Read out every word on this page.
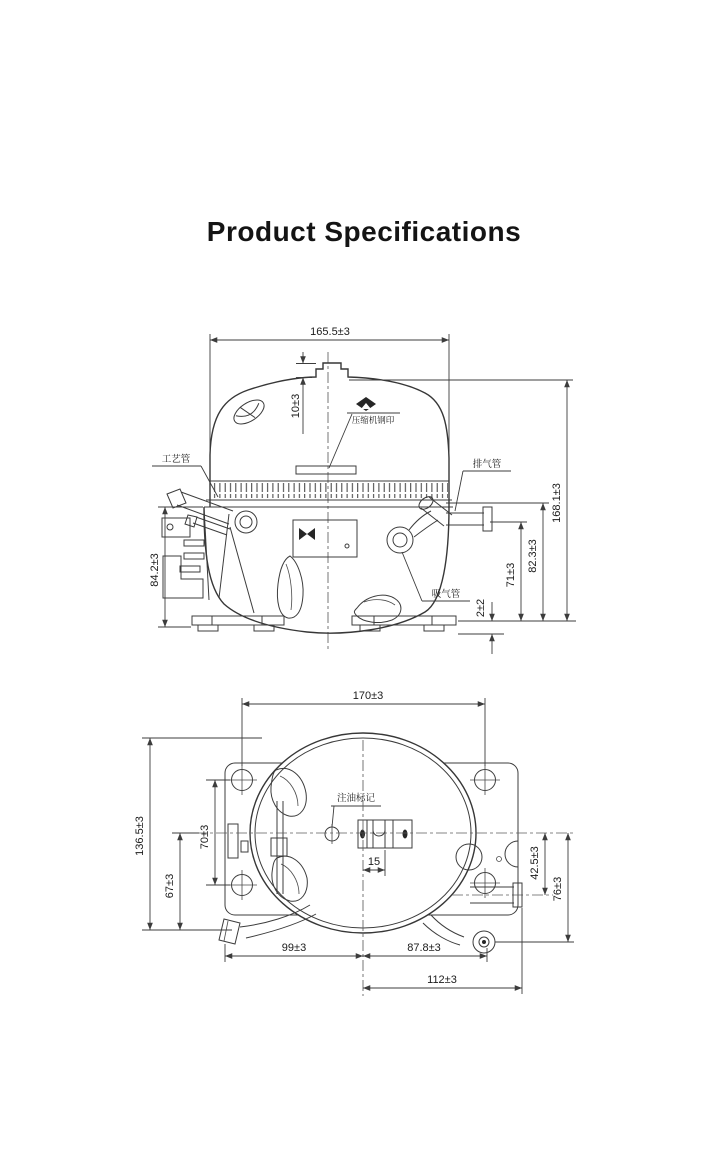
Product Specifications
压缩机钢印
工艺管	排气管
吸气管
165.5±3
10±3
84.2±3
2±2
71±3
82.3±3
168.1±3
注油标记
170±3
136.5±3	70±3
67±3
15	42.5±3
76±3
99±3	87.8±3
112±3
